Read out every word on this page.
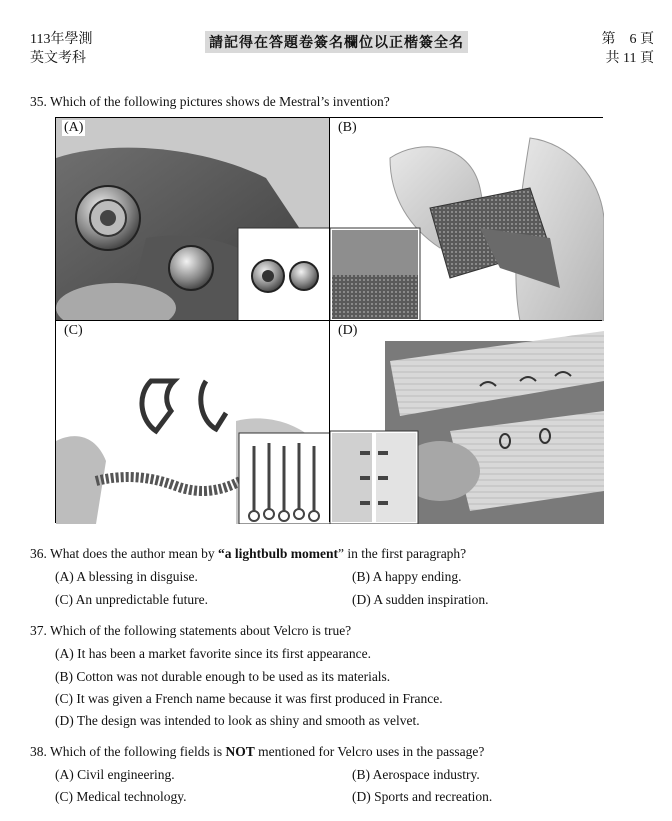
113年學測
英文考科
請記得在答題卷簽名欄位以正楷簽全名	第　6 頁
共 11 頁
35. Which of the following pictures shows de Mestral’s invention?
(A)	(B)
(C)	(D)
36. What does the author mean by “a lightbulb moment” in the first paragraph?
(A) A blessing in disguise.	(B) A happy ending.
(C) An unpredictable future.	(D) A sudden inspiration.
37. Which of the following statements about Velcro is true?
(A) It has been a market favorite since its first appearance.
(B) Cotton was not durable enough to be used as its materials.
(C) It was given a French name because it was first produced in France.
(D) The design was intended to look as shiny and smooth as velvet.
38. Which of the following fields is NOT mentioned for Velcro uses in the passage?
(A) Civil engineering.	(B) Aerospace industry.
(C) Medical technology.	(D) Sports and recreation.
